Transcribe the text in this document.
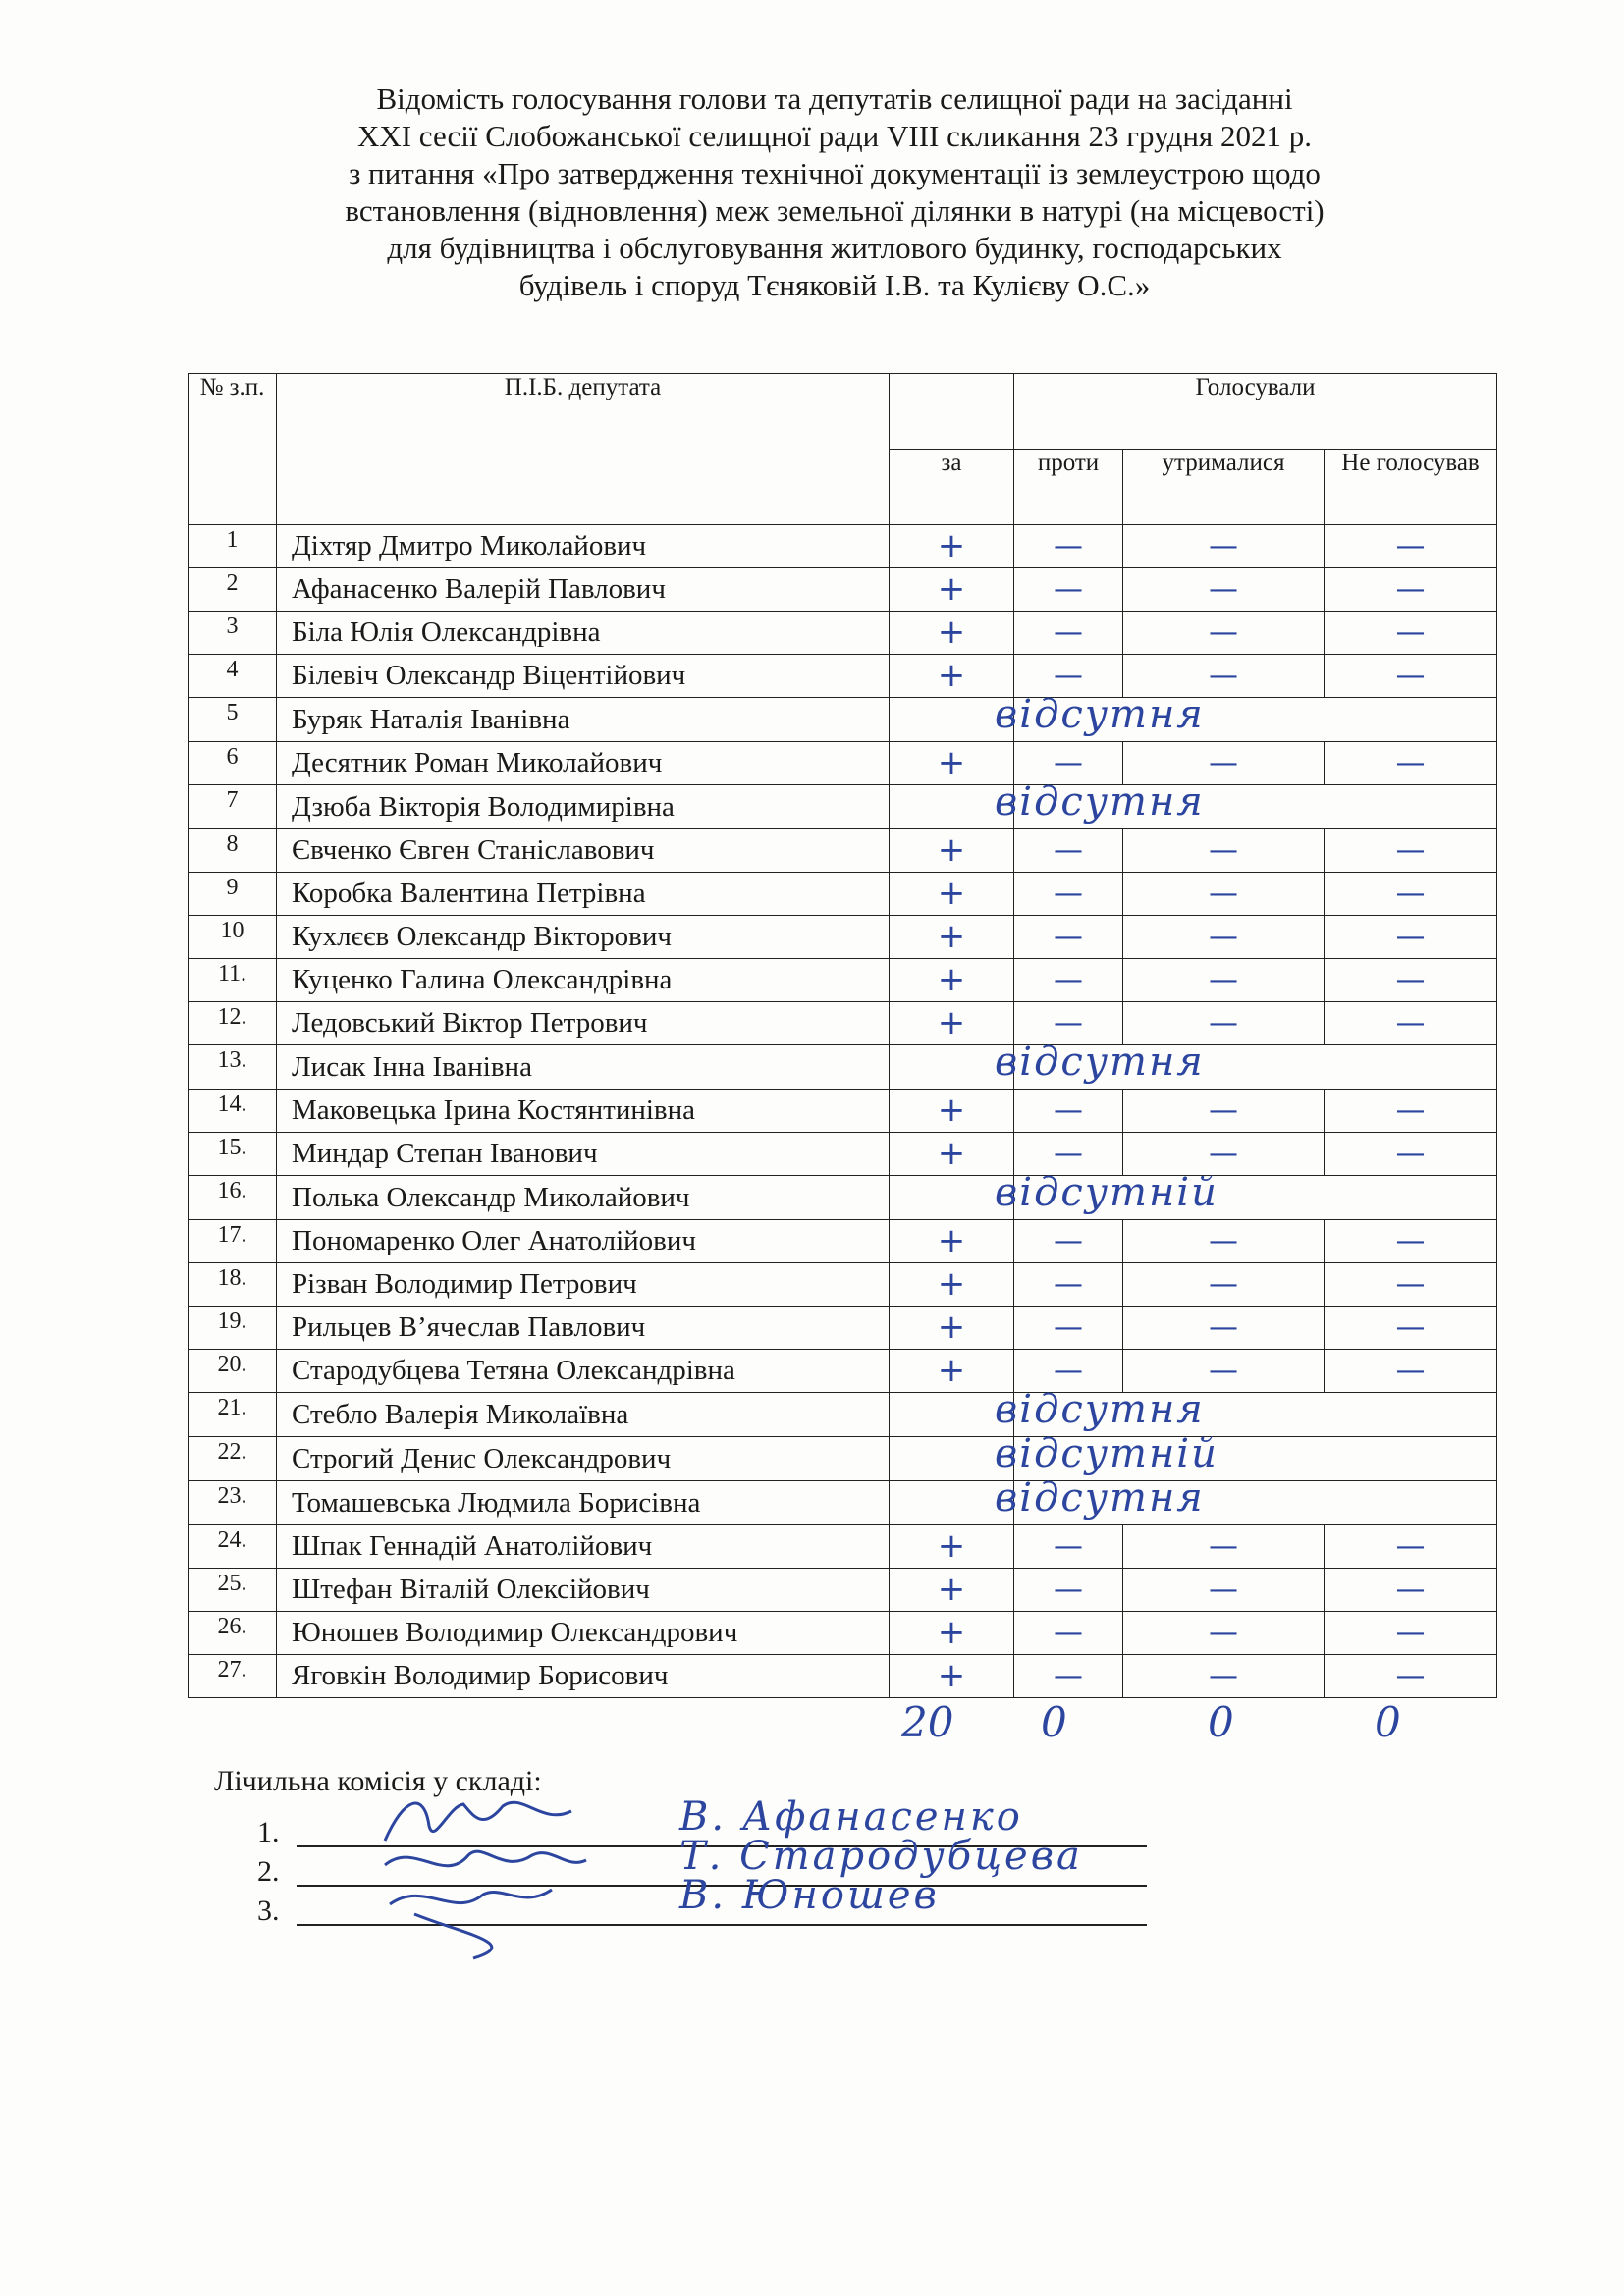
Відомість голосування голови та депутатів селищної ради на засіданні
XXI сесії Слобожанської селищної ради VIII скликання 23 грудня 2021 р.
з питання «Про затвердження технічної документації із землеустрою щодо
встановлення (відновлення) меж земельної ділянки в натурі (на місцевості)
для будівництва і обслуговування житлового будинку, господарських
будівель і споруд Тєняковій І.В. та Кулієву О.С.»
№ з.п.	П.І.Б. депутата		Голосували			
		за	проти	утрималися	Не голосував	
1	Діхтяр Дмитро Миколайович	+	—	—	—	
2	Афанасенко Валерій Павлович	+	—	—	—	
3	Біла Юлія Олександрівна	+	—	—	—	
4	Білевіч Олександр Віцентійович	+	—	—	—	
5	Буряк Наталія Іванівна		відсутня			

6	Десятник Роман Миколайович	+	—	—	—	
7	Дзюба Вікторія Володимирівна		відсутня			

8	Євченко Євген Станіславович	+	—	—	—	
9	Коробка Валентина Петрівна	+	—	—	—	
10	Кухлєєв Олександр Вікторович	+	—	—	—	
11.	Куценко Галина Олександрівна	+	—	—	—	
12.	Ледовський Віктор Петрович	+	—	—	—	
13.	Лисак Інна Іванівна		відсутня			

14.	Маковецька Ірина Костянтинівна	+	—	—	—	
15.	Миндар Степан Іванович	+	—	—	—	
16.	Полька Олександр Миколайович		відсутній			

17.	Пономаренко Олег Анатолійович	+	—	—	—	
18.	Різван Володимир Петрович	+	—	—	—	
19.	Рильцев В’ячеслав Павлович	+	—	—	—	
20.	Стародубцева Тетяна Олександрівна	+	—	—	—	
21.	Стебло Валерія Миколаївна		відсутня			

22.	Строгий Денис Олександрович		відсутній			

23.	Томашевська Людмила Борисівна		відсутня			

24.	Шпак Геннадій Анатолійович	+	—	—	—	
25.	Штефан Віталій Олексійович	+	—	—	—	
26.	Юношев Володимир Олександрович	+	—	—	—	
27.	Яговкін Володимир Борисович	+	—	—	—	
20 0	0	0
Лічильна комісія у складі:
1.	В. Афанасенко
2.	Т. Стародубцева
3.	В. Юношев
